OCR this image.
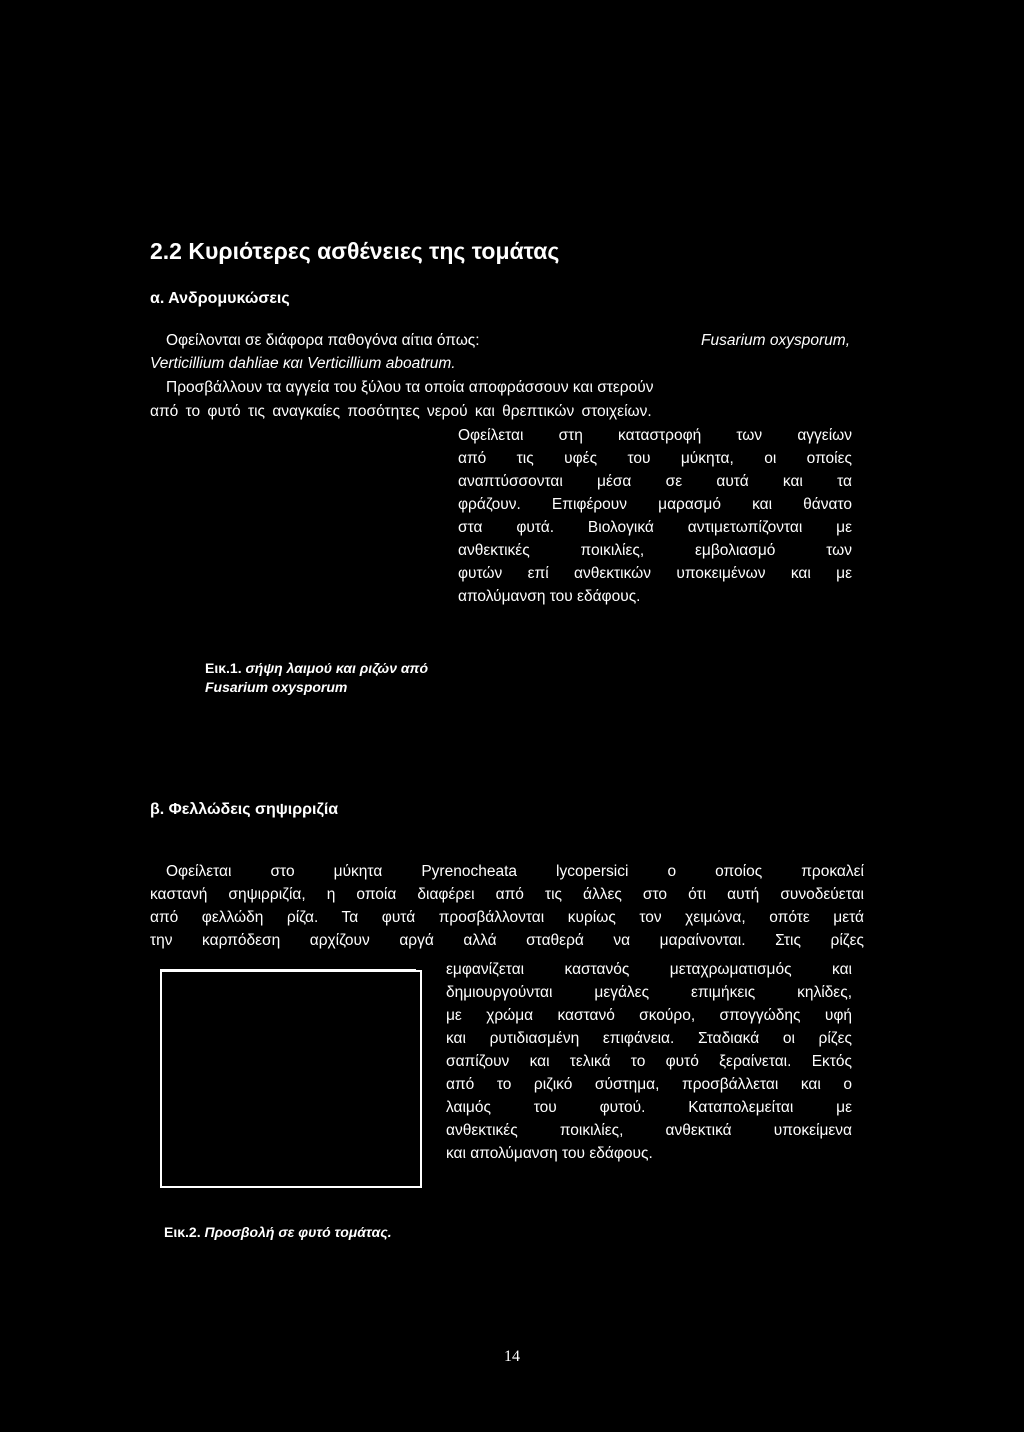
2.2 Κυριότερες ασθένειες της τομάτας
α. Ανδρομυκώσεις
Οφείλονται σε διάφορα παθογόνα αίτια όπως:	Fusarium oxysporum,
Verticillium dahliae και Verticillium aboatrum.
Προσβάλλουν τα αγγεία του ξύλου τα οποία αποφράσσουν και στερούν
από το φυτό τις αναγκαίες ποσότητες νερού και θρεπτικών στοιχείων.
Οφείλεται στη καταστροφή των αγγείων
από τις υφές του μύκητα, οι οποίες
αναπτύσσονται μέσα σε αυτά και τα
φράζουν. Επιφέρουν μαρασμό και θάνατο
στα φυτά. Βιολογικά αντιμετωπίζονται με
ανθεκτικές ποικιλίες, εμβολιασμό των
φυτών επί ανθεκτικών υποκειμένων και με
απολύμανση του εδάφους.
Εικ.1. σήψη λαιμού και ριζών από
Fusarium oxysporum
β. Φελλώδεις σηψιρριζία
Οφείλεται στο μύκητα Pyrenocheata lycopersici ο οποίος προκαλεί
καστανή σηψιρριζία, η οποία διαφέρει από τις άλλες στο ότι αυτή συνοδεύεται
από φελλώδη ρίζα. Τα φυτά προσβάλλονται κυρίως τον χειμώνα, οπότε μετά
την καρπόδεση αρχίζουν αργά αλλά σταθερά να μαραίνονται. Στις ρίζες
εμφανίζεται καστανός μεταχρωματισμός και
δημιουργούνται μεγάλες επιμήκεις κηλίδες,
με χρώμα καστανό σκούρο, σπογγώδης υφή
και ρυτιδιασμένη επιφάνεια. Σταδιακά οι ρίζες
σαπίζουν και τελικά το φυτό ξεραίνεται. Εκτός
από το ριζικό σύστημα, προσβάλλεται και ο
λαιμός του φυτού. Καταπολεμείται με
ανθεκτικές ποικιλίες, ανθεκτικά υποκείμενα
και απολύμανση του εδάφους.
Εικ.2. Προσβολή σε φυτό τομάτας.
14
